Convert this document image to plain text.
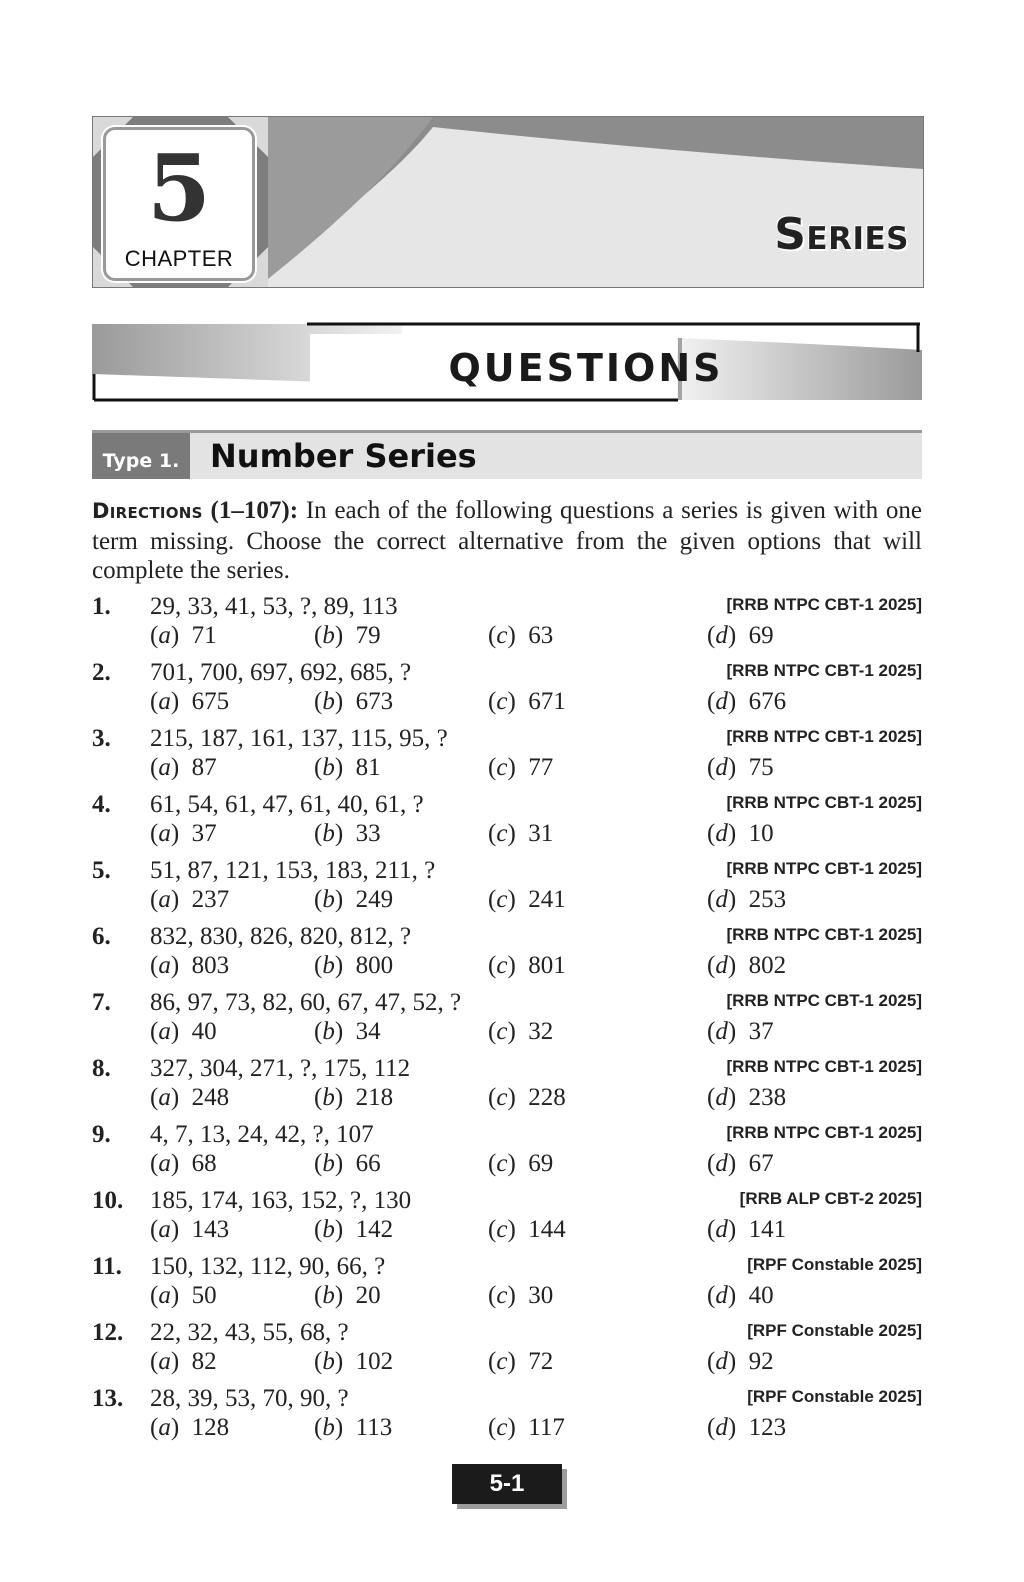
5
CHAPTER	Series
QUESTIONS
Type 1. Number Series
Directions (1–107): In each of the following questions a series is given with one term missing. Choose the correct alternative from the given options that will complete the series.
1. 29, 33, 41, 53, ?, 89, 113	[RRB NTPC CBT-1 2025]
(a)  71	(b)  79	(c)  63	(d)  69
2. 701, 700, 697, 692, 685, ?	[RRB NTPC CBT-1 2025]
(a)  675	(b)  673	(c)  671	(d)  676
3. 215, 187, 161, 137, 115, 95, ?	[RRB NTPC CBT-1 2025]
(a)  87	(b)  81	(c)  77	(d)  75
4. 61, 54, 61, 47, 61, 40, 61, ?	[RRB NTPC CBT-1 2025]
(a)  37	(b)  33	(c)  31	(d)  10
5. 51, 87, 121, 153, 183, 211, ?	[RRB NTPC CBT-1 2025]
(a)  237	(b)  249	(c)  241	(d)  253
6. 832, 830, 826, 820, 812, ?	[RRB NTPC CBT-1 2025]
(a)  803	(b)  800	(c)  801	(d)  802
7. 86, 97, 73, 82, 60, 67, 47, 52, ?	[RRB NTPC CBT-1 2025]
(a)  40	(b)  34	(c)  32	(d)  37
8. 327, 304, 271, ?, 175, 112	[RRB NTPC CBT-1 2025]
(a)  248	(b)  218	(c)  228	(d)  238
9. 4, 7, 13, 24, 42, ?, 107	[RRB NTPC CBT-1 2025]
(a)  68	(b)  66	(c)  69	(d)  67
10. 185, 174, 163, 152, ?, 130	[RRB ALP CBT-2 2025]
(a)  143	(b)  142	(c)  144	(d)  141
11. 150, 132, 112, 90, 66, ?	[RPF Constable 2025]
(a)  50	(b)  20	(c)  30	(d)  40
12. 22, 32, 43, 55, 68, ?	[RPF Constable 2025]
(a)  82	(b)  102	(c)  72	(d)  92
13. 28, 39, 53, 70, 90, ?	[RPF Constable 2025]
(a)  128	(b)  113	(c)  117	(d)  123
5-1
